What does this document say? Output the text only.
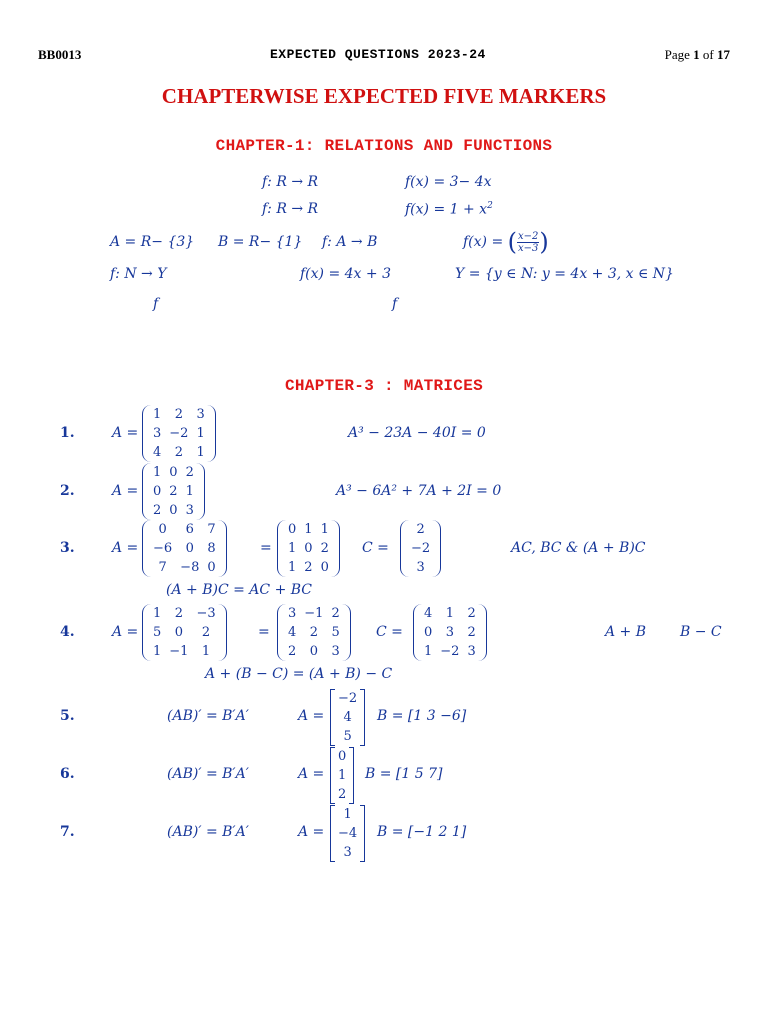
BB0013	EXPECTED QUESTIONS 2023-24	Page 1 of 17
CHAPTERWISE EXPECTED FIVE MARKERS
CHAPTER-1: RELATIONS AND FUNCTIONS
f: R → R	f(x) = 3− 4x
f: R → R	$f(x) = 1 + x^2$
A = R− {3} B = R− {1} f: A → B	f(x) = ( $\frac{x-2}{x-3}$ )
f: N → Y	f(x) = 4x + 3	Y = {y ∈ N: y = 4x + 3, x ∈ N}
f	f
CHAPTER-3 : MATRICES
1.	A =
1	2	3
3	−2	1
4	2	1
A³ − 23A − 40I = 0
2.	A =
1	0	2
0	2	1
2	0	3
A³ − 6A² + 7A + 2I = 0
3.	A =
0	6	7
−6	0	8
7	−8	0
=
0	1	1
1	0	2
1	2	0
C =
2
−2
3
AC, BC & (A + B)C
(A + B)C = AC + BC
4.	A =
1	2	−3
5	0	2
1	−1	1
=
3	−1	2
4	2	5
2	0	3
C =
4	1	2
0	3	2
1	−2	3
A + B B − C
A + (B − C) = (A + B) − C
5.	(AB)′ = B′A′	A =
−2
4
5
B = [1 3 −6]
6.	(AB)′ = B′A′	A =
0
1
2
B = [1 5 7]
7.	(AB)′ = B′A′	A =
1
−4
3
B = [−1 2 1]
